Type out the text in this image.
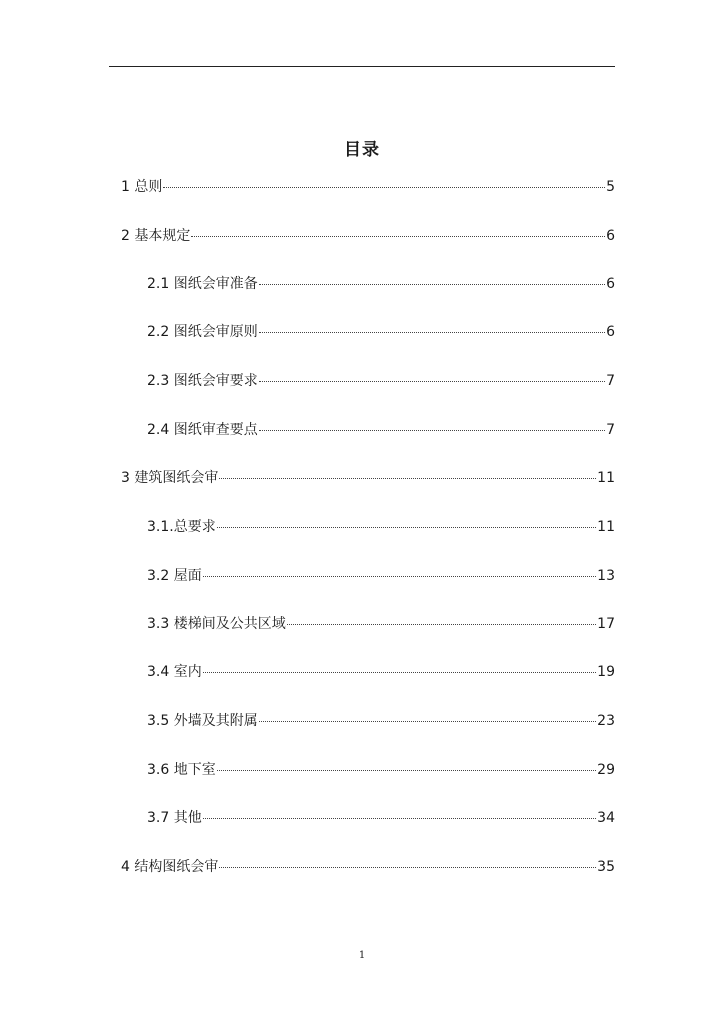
目录
1 总则	5
2 基本规定	6
2.1 图纸会审准备	6
2.2 图纸会审原则	6
2.3 图纸会审要求	7
2.4 图纸审查要点	7
3 建筑图纸会审	11
3.1.总要求	11
3.2 屋面	13
3.3 楼梯间及公共区域	17
3.4 室内	19
3.5 外墙及其附属	23
3.6 地下室	29
3.7 其他	34
4 结构图纸会审	35
1
